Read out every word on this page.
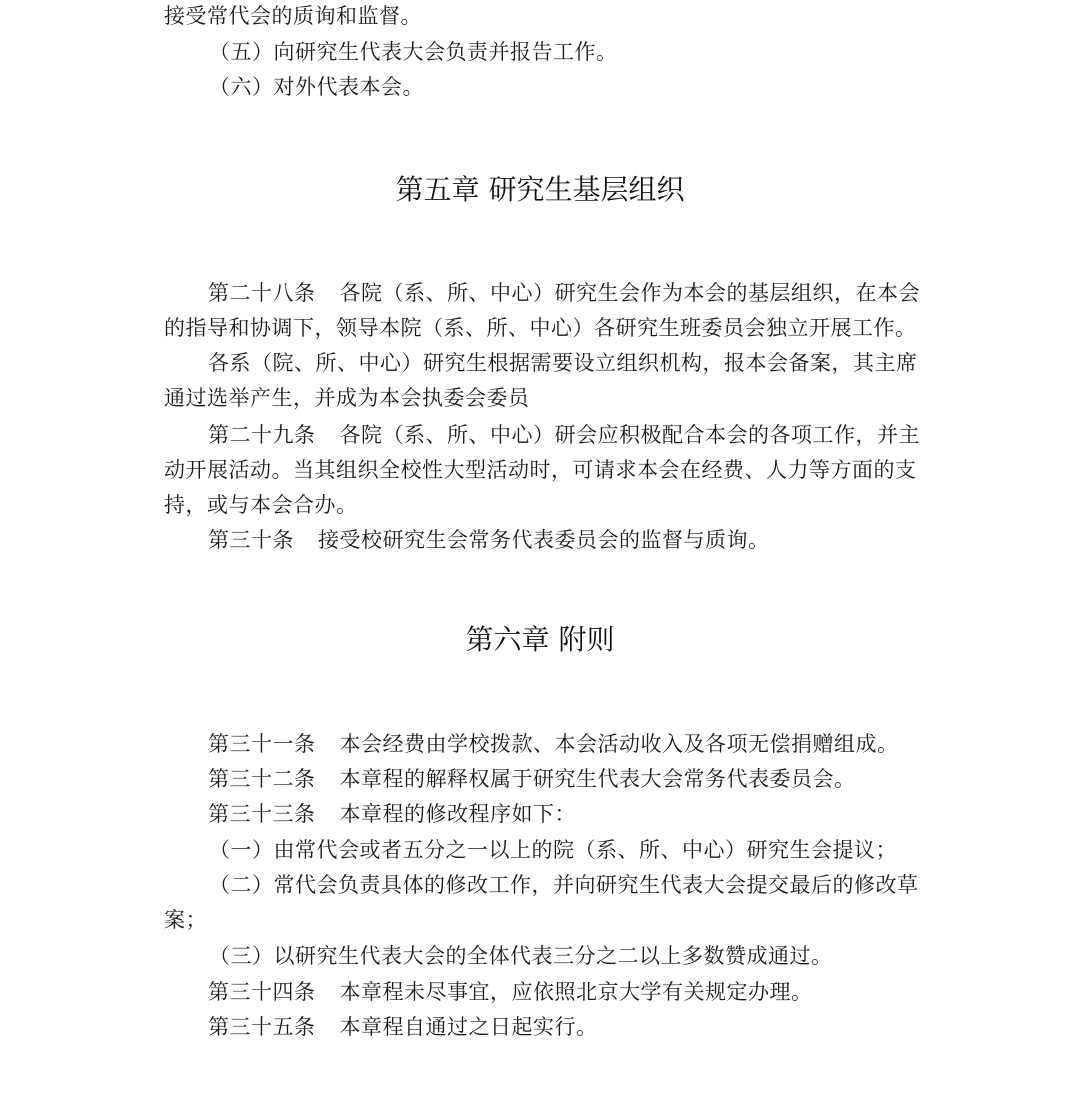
接受常代会的质询和监督。
（五）向研究生代表大会负责并报告工作。
（六）对外代表本会。
第五章 研究生基层组织
第二十八条 各院（系、所、中心）研究生会作为本会的基层组织，在本会
的指导和协调下，领导本院（系、所、中心）各研究生班委员会独立开展工作。
各系（院、所、中心）研究生根据需要设立组织机构，报本会备案，其主席
通过选举产生，并成为本会执委会委员
第二十九条 各院（系、所、中心）研会应积极配合本会的各项工作，并主
动开展活动。当其组织全校性大型活动时，可请求本会在经费、人力等方面的支
持，或与本会合办。
第三十条 接受校研究生会常务代表委员会的监督与质询。
第六章 附则
第三十一条 本会经费由学校拨款、本会活动收入及各项无偿捐赠组成。
第三十二条 本章程的解释权属于研究生代表大会常务代表委员会。
第三十三条 本章程的修改程序如下：
（一）由常代会或者五分之一以上的院（系、所、中心）研究生会提议；
（二）常代会负责具体的修改工作，并向研究生代表大会提交最后的修改草
案；
（三）以研究生代表大会的全体代表三分之二以上多数赞成通过。
第三十四条 本章程未尽事宜，应依照北京大学有关规定办理。
第三十五条 本章程自通过之日起实行。
